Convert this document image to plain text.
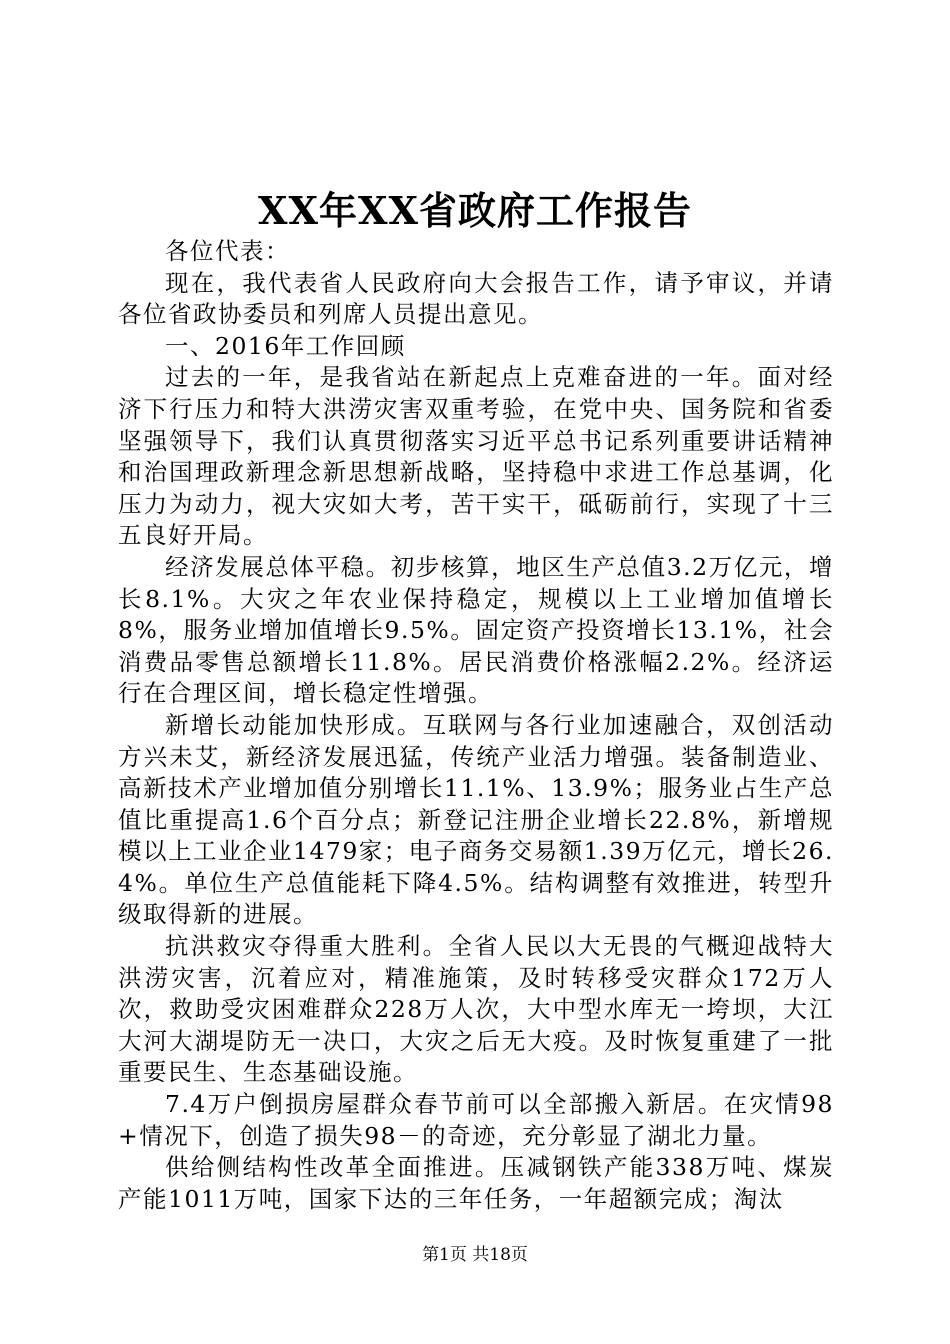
XX年XX省政府工作报告

各位代表：

现在，我代表省人民政府向大会报告工作，请予审议，并请各位省政协委员和列席人员提出意见。

一、2016年工作回顾

过去的一年，是我省站在新起点上克难奋进的一年。面对经济下行压力和特大洪涝灾害双重考验，在党中央、国务院和省委坚强领导下，我们认真贯彻落实习近平总书记系列重要讲话精神和治国理政新理念新思想新战略，坚持稳中求进工作总基调，化压力为动力，视大灾如大考，苦干实干，砥砺前行，实现了十三五良好开局。

经济发展总体平稳。初步核算，地区生产总值3.2万亿元，增长8.1%。大灾之年农业保持稳定，规模以上工业增加值增长8%，服务业增加值增长9.5%。固定资产投资增长13.1%，社会消费品零售总额增长11.8%。居民消费价格涨幅2.2%。经济运行在合理区间，增长稳定性增强。

新增长动能加快形成。互联网与各行业加速融合，双创活动方兴未艾，新经济发展迅猛，传统产业活力增强。装备制造业、高新技术产业增加值分别增长11.1%、13.9%；服务业占生产总值比重提高1.6个百分点；新登记注册企业增长22.8%，新增规模以上工业企业1479家；电子商务交易额1.39万亿元，增长26.4%。单位生产总值能耗下降4.5%。结构调整有效推进，转型升级取得新的进展。

抗洪救灾夺得重大胜利。全省人民以大无畏的气概迎战特大洪涝灾害，沉着应对，精准施策，及时转移受灾群众172万人次，救助受灾困难群众228万人次，大中型水库无一垮坝，大江大河大湖堤防无一决口，大灾之后无大疫。及时恢复重建了一批重要民生、生态基础设施。

7.4万户倒损房屋群众春节前可以全部搬入新居。在灾情98+情况下，创造了损失98－的奇迹，充分彰显了湖北力量。

供给侧结构性改革全面推进。压减钢铁产能338万吨、煤炭产能1011万吨，国家下达的三年任务，一年超额完成；淘汰

第1页 共18页
